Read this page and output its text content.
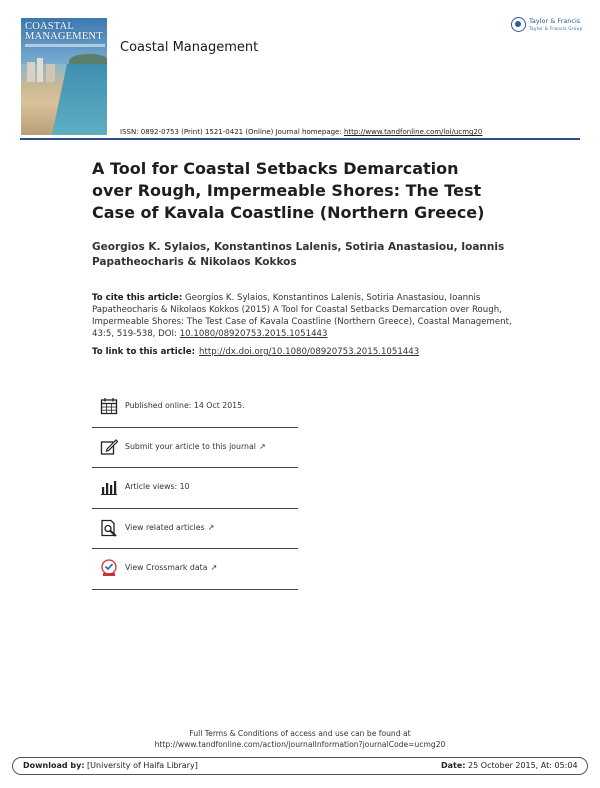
COASTAL
MANAGEMENT
Coastal Management
Taylor & Francis
Taylor & Francis Group
ISSN: 0892-0753 (Print) 1521-0421 (Online) Journal homepage: http://www.tandfonline.com/loi/ucmg20
A Tool for Coastal Setbacks Demarcation over Rough, Impermeable Shores: The Test Case of Kavala Coastline (Northern Greece)
Georgios K. Sylaios, Konstantinos Lalenis, Sotiria Anastasiou, Ioannis Papatheocharis & Nikolaos Kokkos
To cite this article: Georgios K. Sylaios, Konstantinos Lalenis, Sotiria Anastasiou, Ioannis Papatheocharis & Nikolaos Kokkos (2015) A Tool for Coastal Setbacks Demarcation over Rough, Impermeable Shores: The Test Case of Kavala Coastline (Northern Greece), Coastal Management, 43:5, 519-538, DOI: 10.1080/08920753.2015.1051443
To link to this article: http://dx.doi.org/10.1080/08920753.2015.1051443
Published online: 14 Oct 2015.
Submit your article to this journal ↗
Article views: 10
View related articles ↗
View Crossmark data ↗
Full Terms & Conditions of access and use can be found at
http://www.tandfonline.com/action/journalInformation?journalCode=ucmg20
Download by: [University of Haifa Library]	Date: 25 October 2015, At: 05:04
